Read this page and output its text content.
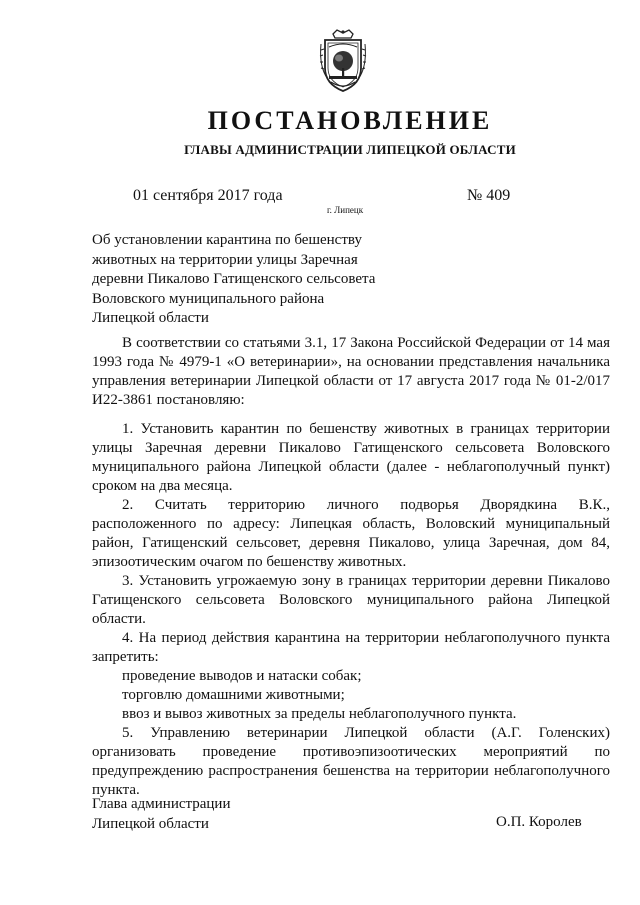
ПОСТАНОВЛЕНИЕ
ГЛАВЫ АДМИНИСТРАЦИИ ЛИПЕЦКОЙ ОБЛАСТИ
01 сентября 2017 года
г. Липецк
№ 409
Об установлении карантина по бешенству
животных на территории улицы Заречная
деревни Пикалово Гатищенского сельсовета
Воловского муниципального района
Липецкой области

В соответствии со статьями 3.1, 17 Закона Российской Федерации от 14 мая 1993 года № 4979-1 «О ветеринарии», на основании представления начальника управления ветеринарии Липецкой области от 17 августа 2017 года № 01-2/017 И22-3861 постановляю:

1. Установить карантин по бешенству животных в границах территории улицы Заречная деревни Пикалово Гатищенского сельсовета Воловского муниципального района Липецкой области (далее - неблагополучный пункт) сроком на два месяца.

2. Считать территорию личного подворья Дворядкина В.К., расположенного по адресу: Липецкая область, Воловский муниципальный район, Гатищенский сельсовет, деревня Пикалово, улица Заречная, дом 84, эпизоотическим очагом по бешенству животных.

3. Установить угрожаемую зону в границах территории деревни Пикалово Гатищенского сельсовета Воловского муниципального района Липецкой области.

4. На период действия карантина на территории неблагополучного пункта запретить:

проведение выводов и натаски собак;

торговлю домашними животными;

ввоз и вывоз животных за пределы неблагополучного пункта.

5. Управлению ветеринарии Липецкой области (А.Г. Голенских) организовать проведение противоэпизоотических мероприятий по предупреждению распространения бешенства на территории неблагополучного пункта.

Глава администрации
Липецкой области	О.П. Королев
